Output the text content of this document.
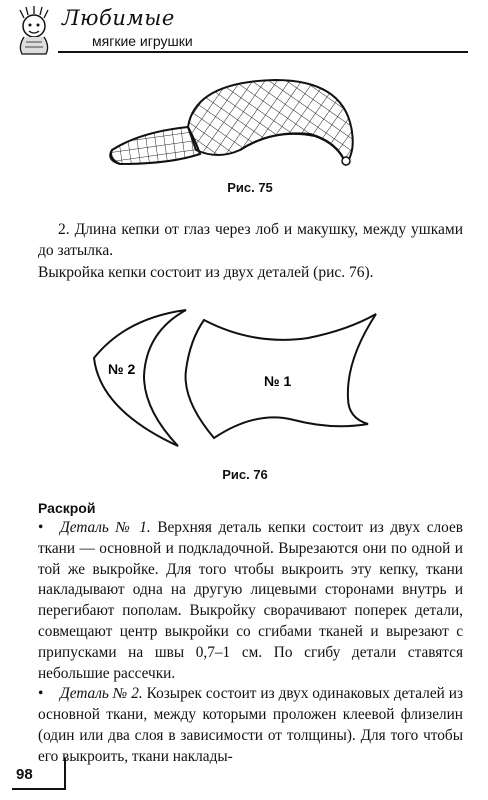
Любимые
мягкие игрушки
Рис. 75
2. Длина кепки от глаз через лоб и макушку, между ушками до затылка.
Выкройка кепки состоит из двух деталей (рис. 76).
№ 2
№ 1
Рис. 76
Раскрой

• Деталь № 1. Верхняя деталь кепки состоит из двух слоев ткани — основной и подкладочной. Вырезаются они по одной и той же выкройке. Для того чтобы выкроить эту кепку, ткани накладывают одна на другую лицевыми сторонами внутрь и перегибают пополам. Выкройку сворачивают поперек детали, совмещают центр выкройки со сгибами тканей и вырезают с припусками на швы 0,7–1 см. По сгибу детали ставятся небольшие рассечки.

• Деталь № 2. Козырек состоит из двух одинаковых деталей из основной ткани, между которыми проложен клеевой флизелин (один или два слоя в зависимости от толщины). Для того чтобы его выкроить, ткани наклады-

98
